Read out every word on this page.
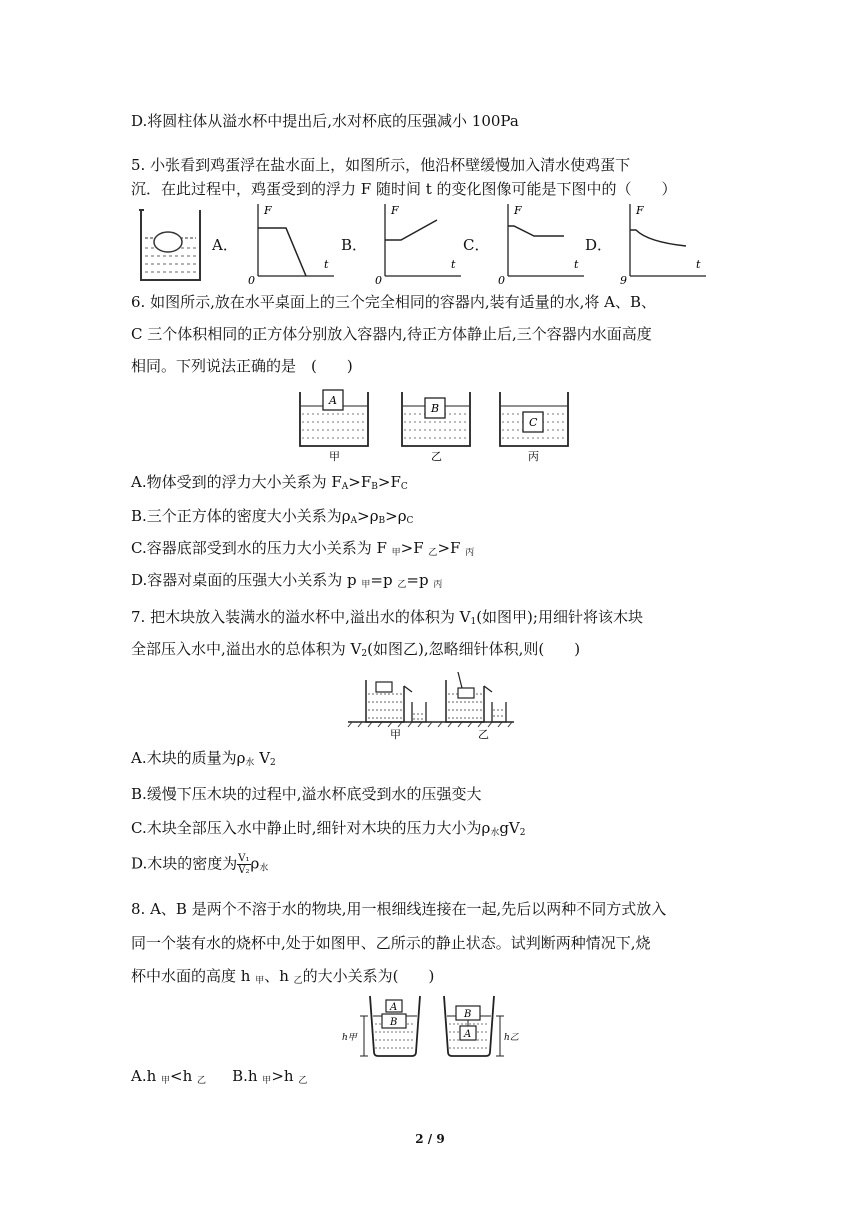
D.将圆柱体从溢水杯中提出后,水对杯底的压强减小 100Pa
5. 小张看到鸡蛋浮在盐水面上，如图所示，他沿杯壁缓慢加入清水使鸡蛋下
沉．在此过程中，鸡蛋受到的浮力 F 随时间 t 的变化图像可能是下图中的（　　）
A．	B．	C．	D．
F
t
0
F
t
0
F
t
0
F
t
9
6. 如图所示,放在水平桌面上的三个完全相同的容器内,装有适量的水,将 A、B、
C 三个体积相同的正方体分别放入容器内,待正方体静止后,三个容器内水面高度
相同。下列说法正确的是　(　　)
A
甲
B
乙
C
丙
A.物体受到的浮力大小关系为 $F_A>F_B>F_C$
B.三个正方体的密度大小关系为$\rho_A>\rho_B>\rho_C$
C.容器底部受到水的压力大小关系为 F $_甲$>F $_乙$>F $_丙$
D.容器对桌面的压强大小关系为 p $_甲$=p $_乙$=p $_丙$
7. 把木块放入装满水的溢水杯中,溢出水的体积为 $V_1$(如图甲);用细针将该木块
全部压入水中,溢出水的总体积为 $V_2$(如图乙),忽略细针体积,则(　　)
甲	乙
A.木块的质量为$\rho_水$ $V_2$
B.缓慢下压木块的过程中,溢水杯底受到水的压强变大
C.木块全部压入水中静止时,细针对木块的压力大小为$\rho_水gV_2$
D.木块的密度为 $\frac{\text{V₁}}{\text{V₂}} \rho_水$
8. A、B 是两个不溶于水的物块,用一根细线连接在一起,先后以两种不同方式放入
同一个装有水的烧杯中,处于如图甲、乙所示的静止状态。试判断两种情况下,烧
杯中水面的高度 h $_甲$、h $_乙$的大小关系为(　　)
A
B
h甲
B
A	h乙
A.h $_甲$<h $_乙$ B.h $_甲$>h $_乙$
2 / 9
